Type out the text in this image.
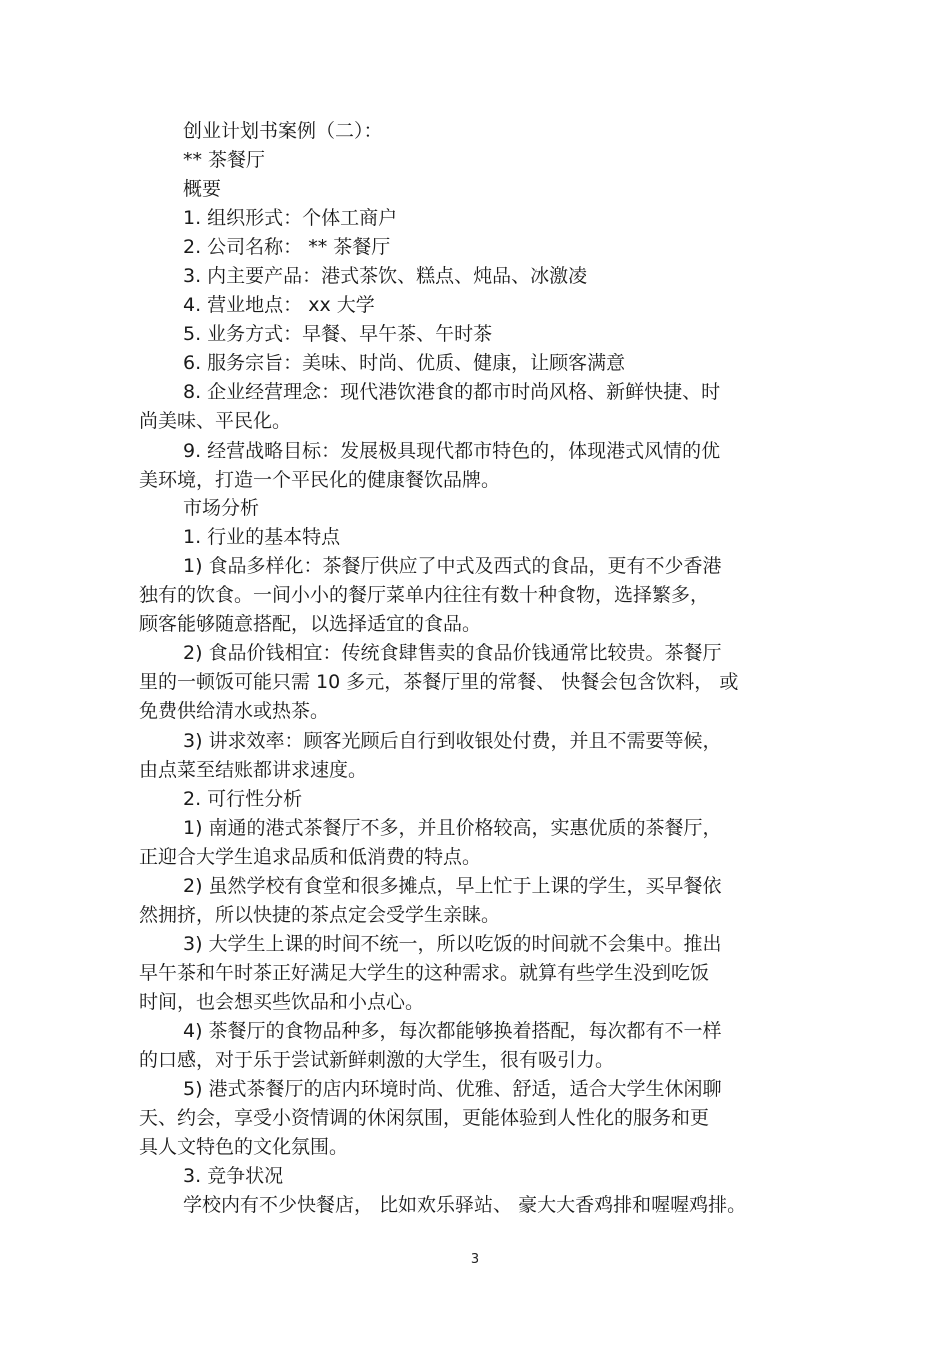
创业计划书案例（二）：
** 茶餐厅
概要
1. 组织形式：个体工商户
2. 公司名称： ** 茶餐厅
3. 内主要产品：港式茶饮、糕点、炖品、冰激凌
4. 营业地点： xx 大学
5. 业务方式：早餐、早午茶、午时茶
6. 服务宗旨：美味、时尚、优质、健康，让顾客满意
8. 企业经营理念：现代港饮港食的都市时尚风格、新鲜快捷、时
尚美味、平民化。
9. 经营战略目标：发展极具现代都市特色的，体现港式风情的优
美环境，打造一个平民化的健康餐饮品牌。
市场分析
1. 行业的基本特点
1) 食品多样化：茶餐厅供应了中式及西式的食品，更有不少香港
独有的饮食。一间小小的餐厅菜单内往往有数十种食物，选择繁多，
顾客能够随意搭配，以选择适宜的食品。
2) 食品价钱相宜：传统食肆售卖的食品价钱通常比较贵。茶餐厅
里的一顿饭可能只需 10 多元，茶餐厅里的常餐、 快餐会包含饮料， 或
免费供给清水或热茶。
3) 讲求效率：顾客光顾后自行到收银处付费，并且不需要等候，
由点菜至结账都讲求速度。
2. 可行性分析
1) 南通的港式茶餐厅不多，并且价格较高，实惠优质的茶餐厅，
正迎合大学生追求品质和低消费的特点。
2) 虽然学校有食堂和很多摊点，早上忙于上课的学生，买早餐依
然拥挤，所以快捷的茶点定会受学生亲睐。
3) 大学生上课的时间不统一，所以吃饭的时间就不会集中。推出
早午茶和午时茶正好满足大学生的这种需求。就算有些学生没到吃饭
时间，也会想买些饮品和小点心。
4) 茶餐厅的食物品种多，每次都能够换着搭配，每次都有不一样
的口感，对于乐于尝试新鲜刺激的大学生，很有吸引力。
5) 港式茶餐厅的店内环境时尚、优雅、舒适，适合大学生休闲聊
天、约会，享受小资情调的休闲氛围，更能体验到人性化的服务和更
具人文特色的文化氛围。
3. 竞争状况
学校内有不少快餐店， 比如欢乐驿站、 豪大大香鸡排和喔喔鸡排。
3
